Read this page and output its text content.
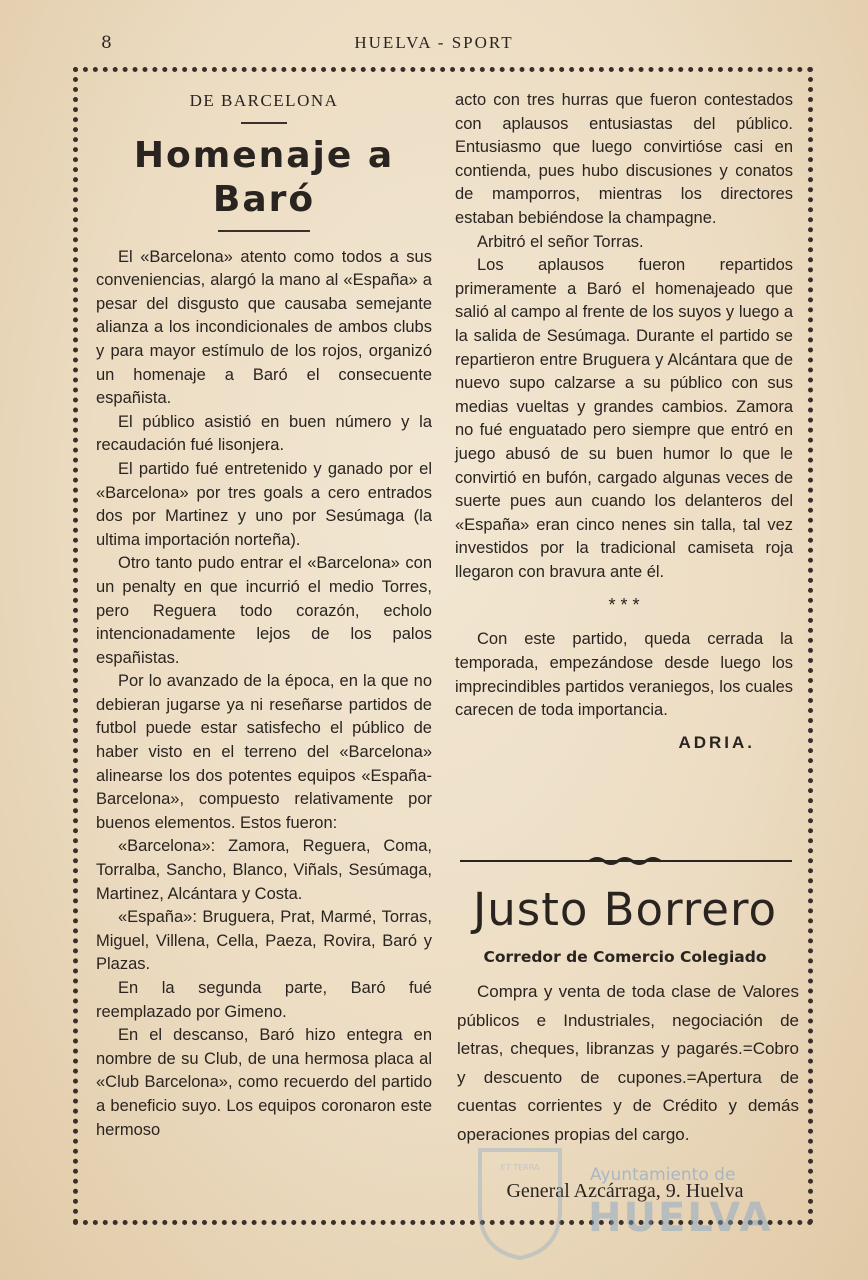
8	HUELVA - SPORT

DE BARCELONA

Homenaje a Baró

El «Barcelona» atento como todos a sus conveniencias, alargó la mano al «España» a pesar del disgusto que causaba semejante alianza a los incondicionales de ambos clubs y para mayor estímulo de los rojos, organizó un homenaje a Baró el consecuente españista.

El público asistió en buen número y la recaudación fué lisonjera.

El partido fué entretenido y ganado por el «Barcelona» por tres goals a cero entrados dos por Martinez y uno por Sesúmaga (la ultima importación norteña).

Otro tanto pudo entrar el «Barcelona» con un penalty en que incurrió el medio Torres, pero Reguera todo corazón, echolo intencionadamente lejos de los palos españistas.

Por lo avanzado de la época, en la que no debieran jugarse ya ni reseñarse partidos de futbol puede estar satisfecho el público de haber visto en el terreno del «Barcelona» alinearse los dos potentes equipos «España-Barcelona», compuesto relativamente por buenos elementos. Estos fueron:

«Barcelona»: Zamora, Reguera, Coma, Torralba, Sancho, Blanco, Viñals, Sesúmaga, Martinez, Alcántara y Costa.

«España»: Bruguera, Prat, Marmé, Torras, Miguel, Villena, Cella, Paeza, Rovira, Baró y Plazas.

En la segunda parte, Baró fué reemplazado por Gimeno.

En el descanso, Baró hizo entegra en nombre de su Club, de una hermosa placa al «Club Barcelona», como recuerdo del partido a beneficio suyo. Los equipos coronaron este hermoso

acto con tres hurras que fueron contestados con aplausos entusiastas del público. Entusiasmo que luego convirtióse casi en contienda, pues hubo discusiones y conatos de mamporros, mientras los directores estaban bebiéndose la champagne.

Arbitró el señor Torras.

Los aplausos fueron repartidos primeramente a Baró el homenajeado que salió al campo al frente de los suyos y luego a la salida de Sesúmaga. Durante el partido se repartieron entre Bruguera y Alcántara que de nuevo supo calzarse a su público con sus medias vueltas y grandes cambios. Zamora no fué enguatado pero siempre que entró en juego abusó de su buen humor lo que le convirtió en bufón, cargado algunas veces de suerte pues aun cuando los delanteros del «España» eran cinco nenes sin talla, tal vez investidos por la tradicional camiseta roja llegaron con bravura ante él.

* * *

Con este partido, queda cerrada la temporada, empezándose desde luego los imprecindibles partidos veraniegos, los cuales carecen de toda importancia.

ADRIA.
Justo Borrero
Corredor de Comercio Colegiado

Compra y venta de toda clase de Valores públicos e Industriales, negociación de letras, cheques, libranzas y pagarés.=Cobro y descuento de cupones.=Apertura de cuentas corrientes y de Crédito y demás operaciones propias del cargo.

General Azcárraga, 9. Huelva
ET TERRA	Ayuntamiento de
HUELVA
